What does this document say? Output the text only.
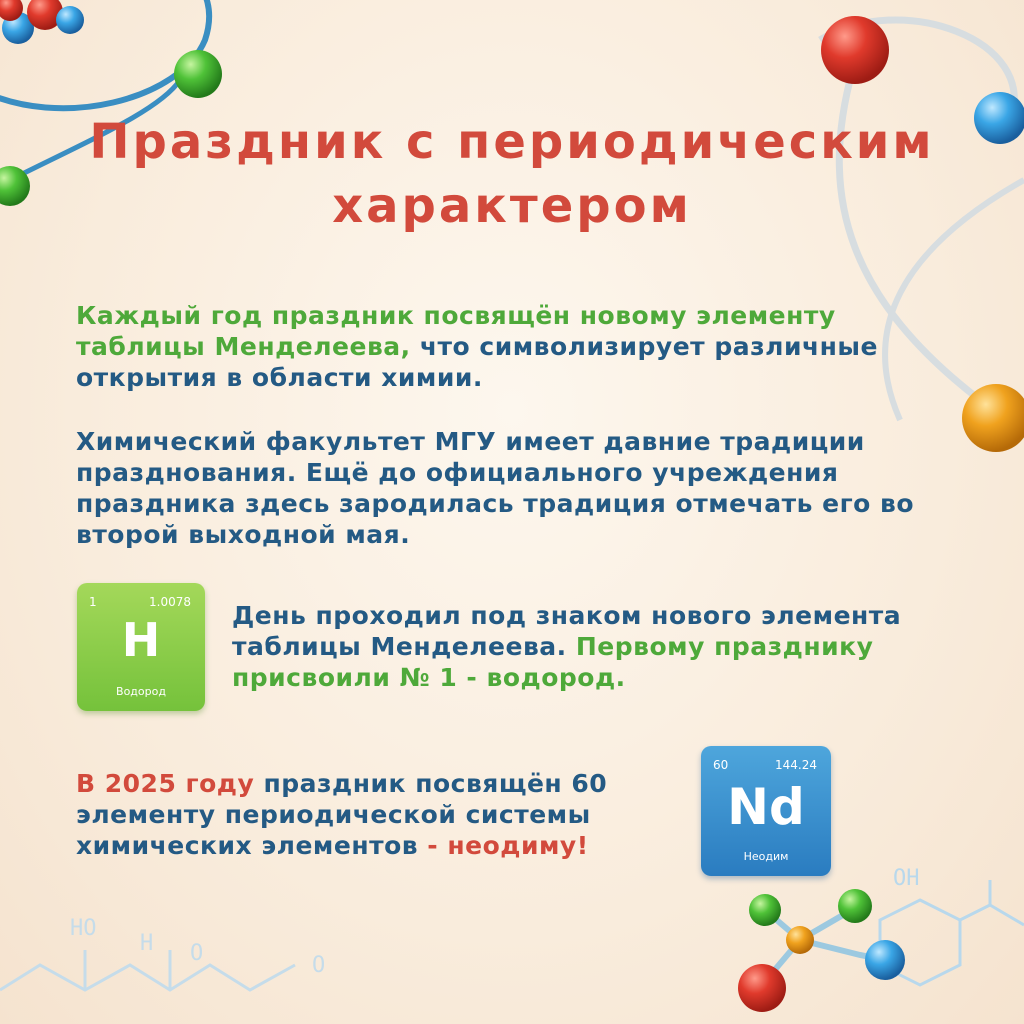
OH
HO
H O	O
Праздник с периодическим
характером
Каждый год праздник посвящён новому элементу таблицы Менделеева, что символизирует различные открытия в области химии.
Химический факультет МГУ имеет давние традиции празднования. Ещё до официального учреждения праздника здесь зародилась традиция отмечать его во второй выходной мая.
1	1.0078
H
Водород
День проходил под знаком нового элемента таблицы Менделеева. Первому празднику присвоили № 1 - водород.
В 2025 году праздник посвящён 60 элементу периодической системы химических элементов - неодиму!
60	144.24
Nd
Неодим
